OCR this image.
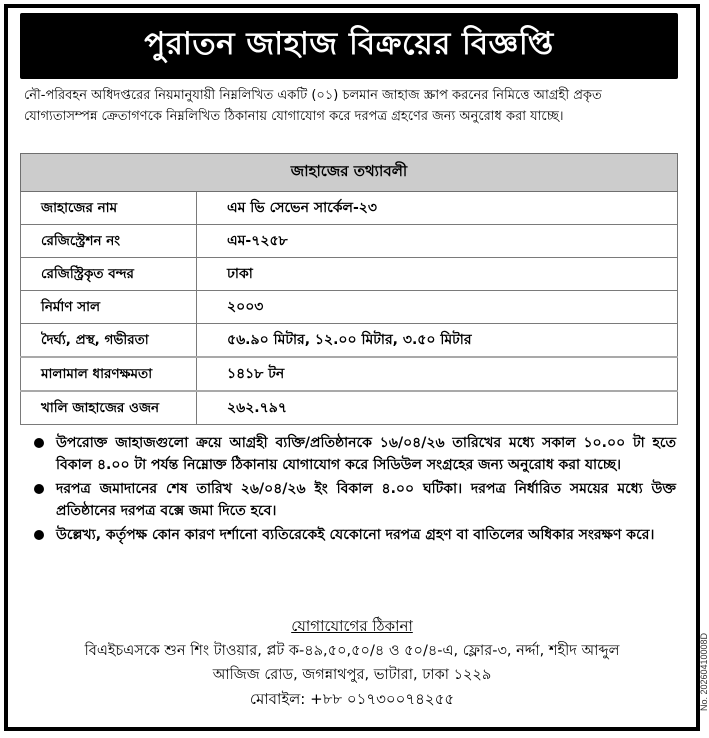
পুরাতন জাহাজ বিক্রয়ের বিজ্ঞপ্তি
নৌ-পরিবহন অধিদপ্তরের নিয়মানুযায়ী নিম্নলিখিত একটি (০১) চলমান জাহাজ স্ক্রাপ করনের নিমিত্তে আগ্রহী প্রকৃত যোগ্যতাসম্পন্ন ক্রেতাগণকে নিম্নলিখিত ঠিকানায় যোগাযোগ করে দরপত্র গ্রহণের জন্য অনুরোধ করা যাচ্ছে।
জাহাজের তথ্যাবলী	
জাহাজের নাম	এম ভি সেভেন সার্কেল-২৩
রেজিস্ট্রেশন নং	এম-৭২৫৮
রেজিস্ট্রিকৃত বন্দর	ঢাকা
নির্মাণ সাল	২০০৩
দৈর্ঘ্য, প্রস্থ, গভীরতা	৫৬.৯০ মিটার, ১২.০০ মিটার, ৩.৫০ মিটার
মালামাল ধারণক্ষমতা	১৪১৮ টন
খালি জাহাজের ওজন	২৬২.৭৯৭
উপরোক্ত জাহাজগুলো ক্রয়ে আগ্রহী ব্যক্তি/প্রতিষ্ঠানকে ১৬/০৪/২৬ তারিখের মধ্যে সকাল ১০.০০ টা হতে বিকাল ৪.০০ টা পর্যন্ত নিম্নোক্ত ঠিকানায় যোগাযোগ করে সিডিউল সংগ্রহের জন্য অনুরোধ করা যাচ্ছে।
দরপত্র জমাদানের শেষ তারিখ ২৬/০৪/২৬ ইং বিকাল ৪.০০ ঘটিকা। দরপত্র নির্ধারিত সময়ের মধ্যে উক্ত প্রতিষ্ঠানের দরপত্র বক্সে জমা দিতে হবে।
উল্লেখ্য, কর্তৃপক্ষ কোন কারণ দর্শানো ব্যতিরেকেই যেকোনো দরপত্র গ্রহণ বা বাতিলের অধিকার সংরক্ষণ করে।
যোগাযোগের ঠিকানা
বিএইচএসকে শুন শিং টাওয়ার, প্লট ক-৪৯,৫০,৫০/৪ ও ৫০/৪-এ, ফ্লোর-৩, নর্দ্দা, শহীদ আব্দুল
আজিজ রোড, জগন্নাথপুর, ভাটারা, ঢাকা ১২২৯
মোবাইল: +৮৮ ০১৭৩০০৭৪২৫৫	No. 20260410008D
